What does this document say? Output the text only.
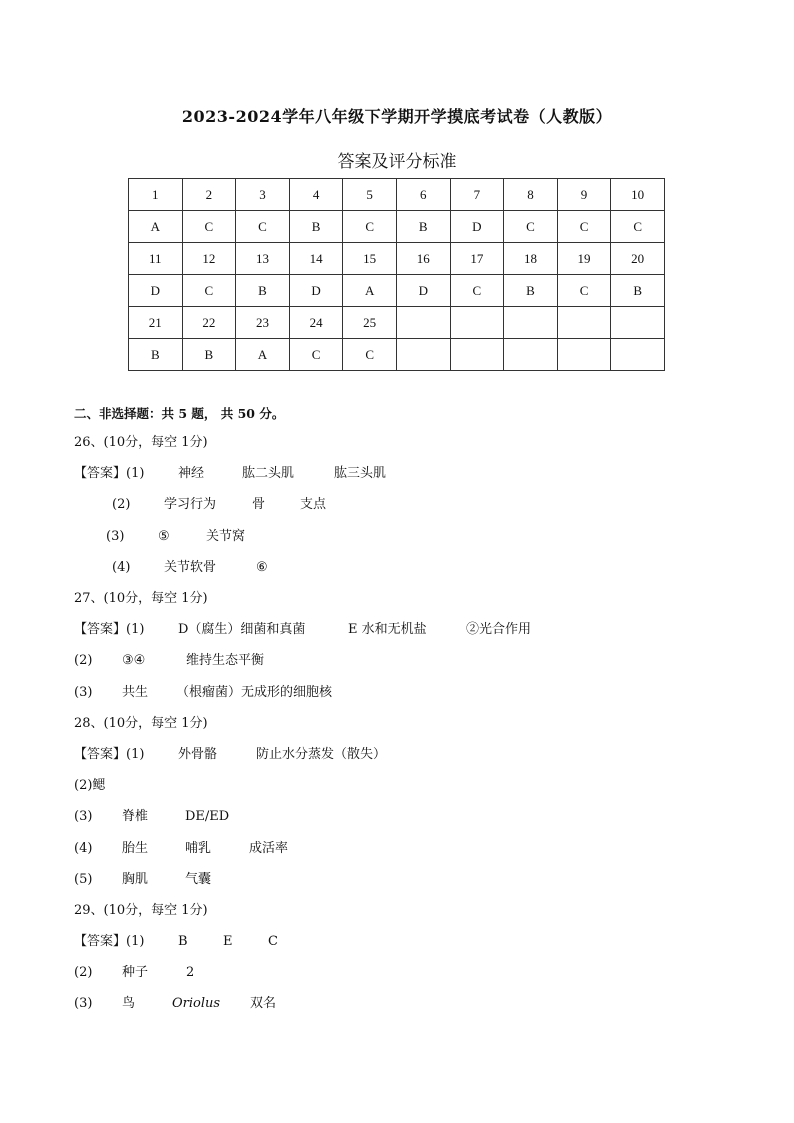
2023-2024学年八年级下学期开学摸底考试卷（人教版）
答案及评分标准
1	2	3	4	5	6	7	8	9	10
A	C	C	B	C	B	D	C	C	C
11	12	13	14	15	16	17	18	19	20
D	C	B	D	A	D	C	B	C	B
21	22	23	24	25					
B	B	A	C	C					
二、非选择题：共 5 题， 共 50 分。
26、(10分，每空 1分)
【答案】(1)	神经	肱二头肌	肱三头肌
(2)	学习行为	骨	支点
(3)	⑤	关节窝
(4)	关节软骨	⑥
27、(10分，每空 1分)
【答案】(1)	D（腐生）细菌和真菌	E 水和无机盐	②光合作用
(2) ③④	维持生态平衡
(3) 共生 （根瘤菌）无成形的细胞核
28、(10分，每空 1分)
【答案】(1)	外骨骼	防止水分蒸发（散失）
(2)鳃
(3) 脊椎	DE/ED
(4) 胎生	哺乳	成活率
(5) 胸肌	气囊
29、(10分，每空 1分)
【答案】(1)	B	E	C
(2) 种子	2
(3) 鸟	Oriolus 双名
